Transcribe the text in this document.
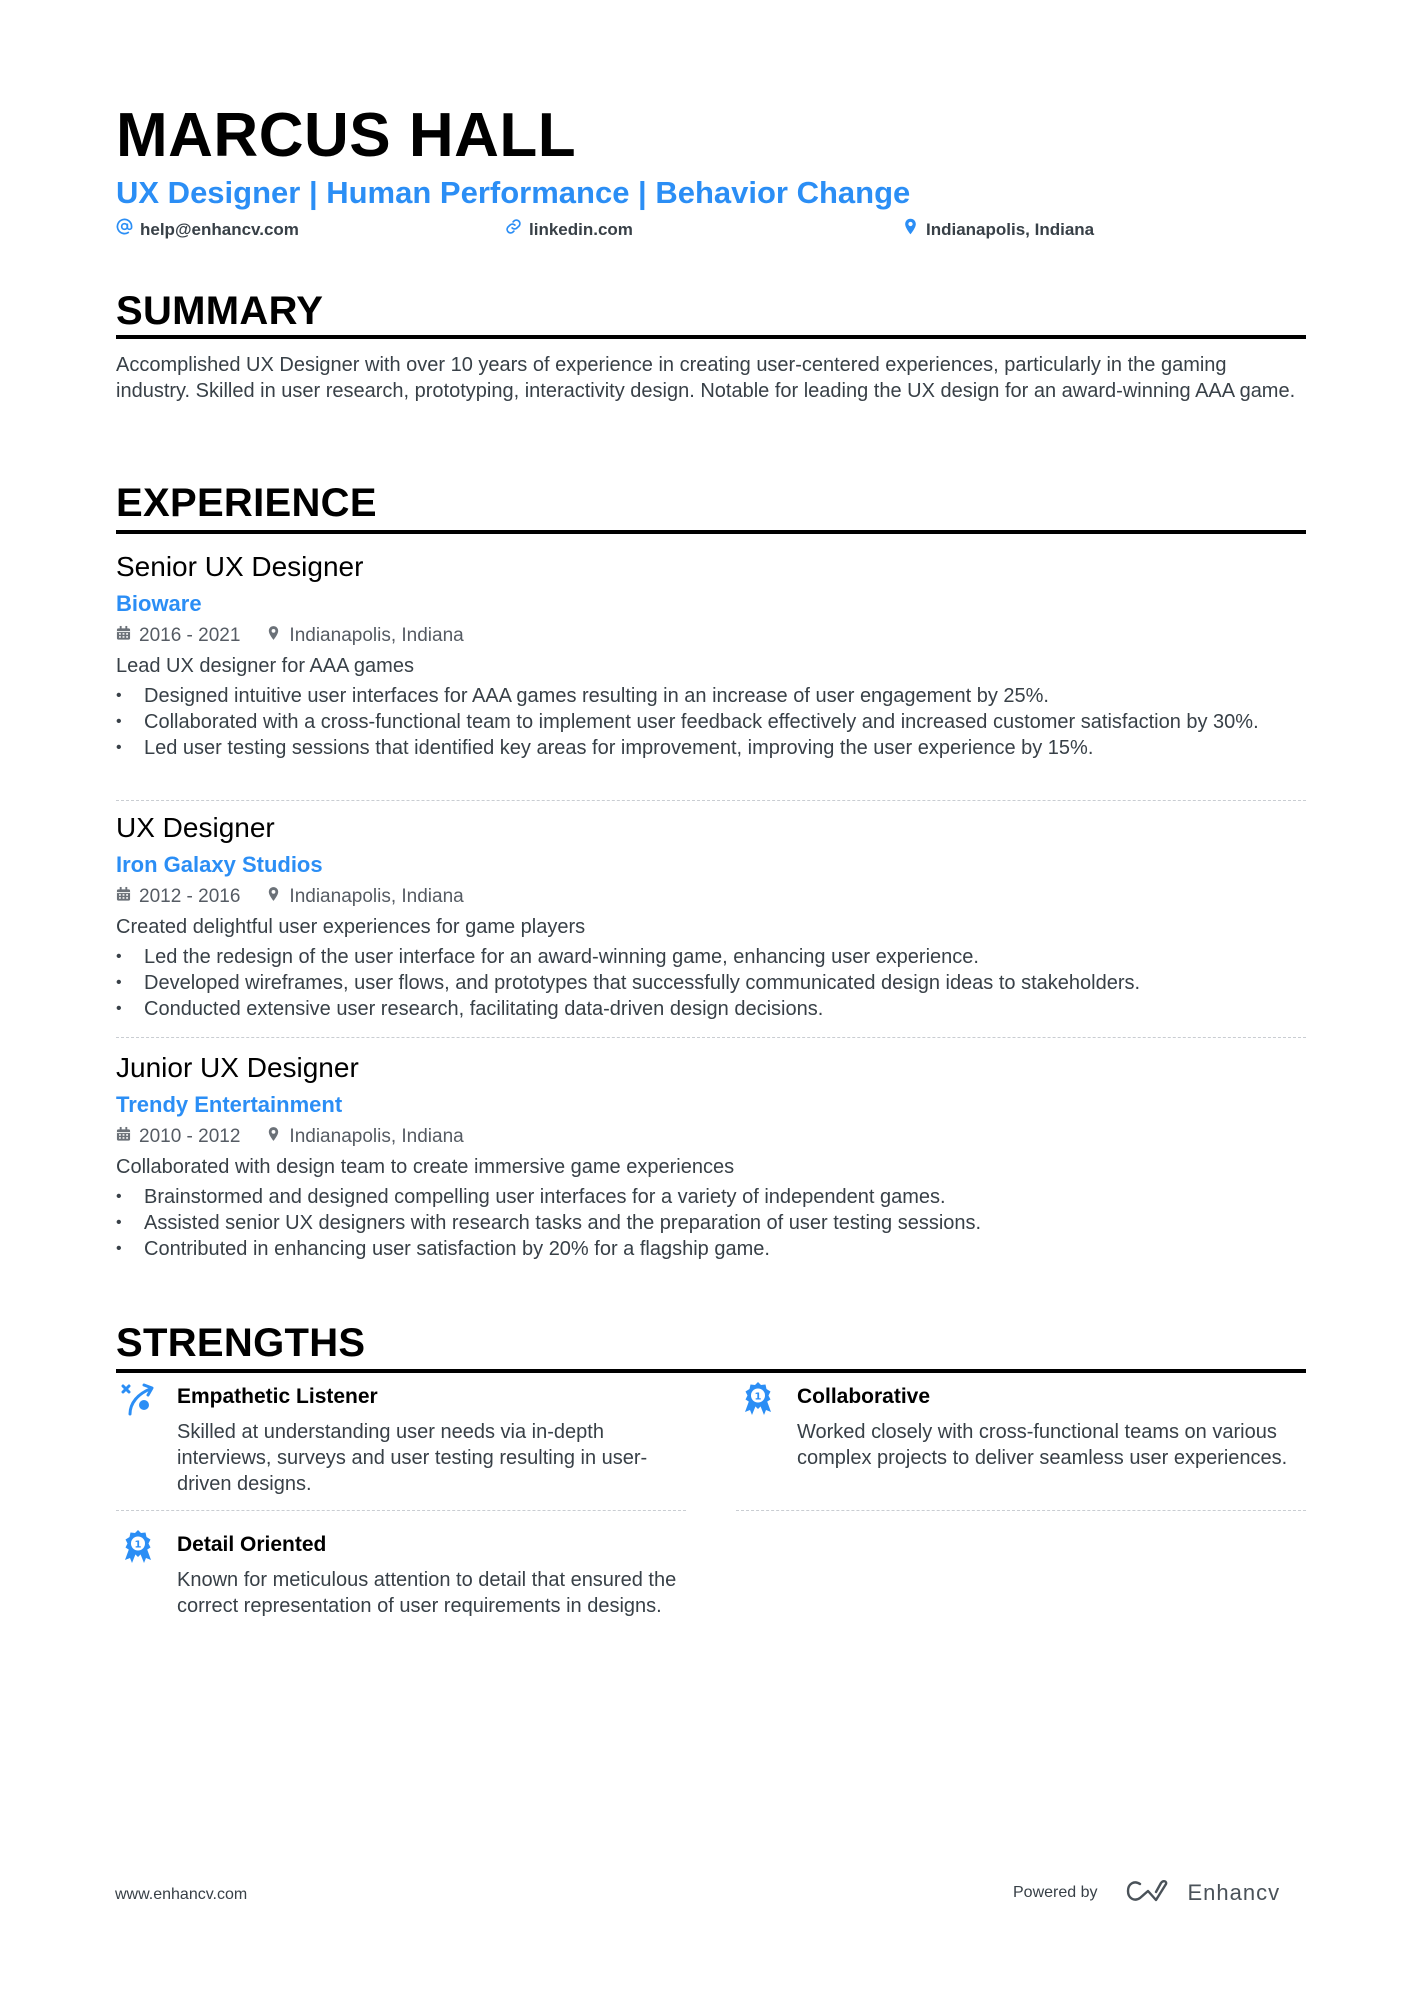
MARCUS HALL
UX Designer | Human Performance | Behavior Change
help@enhancv.com	linkedin.com	Indianapolis, Indiana
SUMMARY
Accomplished UX Designer with over 10 years of experience in creating user-centered experiences, particularly in the gaming industry. Skilled in user research, prototyping, interactivity design. Notable for leading the UX design for an award-winning AAA game.
EXPERIENCE
Senior UX Designer
Bioware
2016 - 2021	Indianapolis, Indiana
Lead UX designer for AAA games
• Designed intuitive user interfaces for AAA games resulting in an increase of user engagement by 25%.
• Collaborated with a cross-functional team to implement user feedback effectively and increased customer satisfaction by 30%.
• Led user testing sessions that identified key areas for improvement, improving the user experience by 15%.
UX Designer
Iron Galaxy Studios
2012 - 2016	Indianapolis, Indiana
Created delightful user experiences for game players
• Led the redesign of the user interface for an award-winning game, enhancing user experience.
• Developed wireframes, user flows, and prototypes that successfully communicated design ideas to stakeholders.
• Conducted extensive user research, facilitating data-driven design decisions.
Junior UX Designer
Trendy Entertainment
2010 - 2012	Indianapolis, Indiana
Collaborated with design team to create immersive game experiences
• Brainstormed and designed compelling user interfaces for a variety of independent games.
• Assisted senior UX designers with research tasks and the preparation of user testing sessions.
• Contributed in enhancing user satisfaction by 20% for a flagship game.
STRENGTHS
Empathetic Listener
Skilled at understanding user needs via in-depth interviews, surveys and user testing resulting in user-driven designs.
1 Collaborative
Worked closely with cross-functional teams on various complex projects to deliver seamless user experiences.
1 Detail Oriented
Known for meticulous attention to detail that ensured the correct representation of user requirements in designs.
www.enhancv.com	Powered by	Enhancv
